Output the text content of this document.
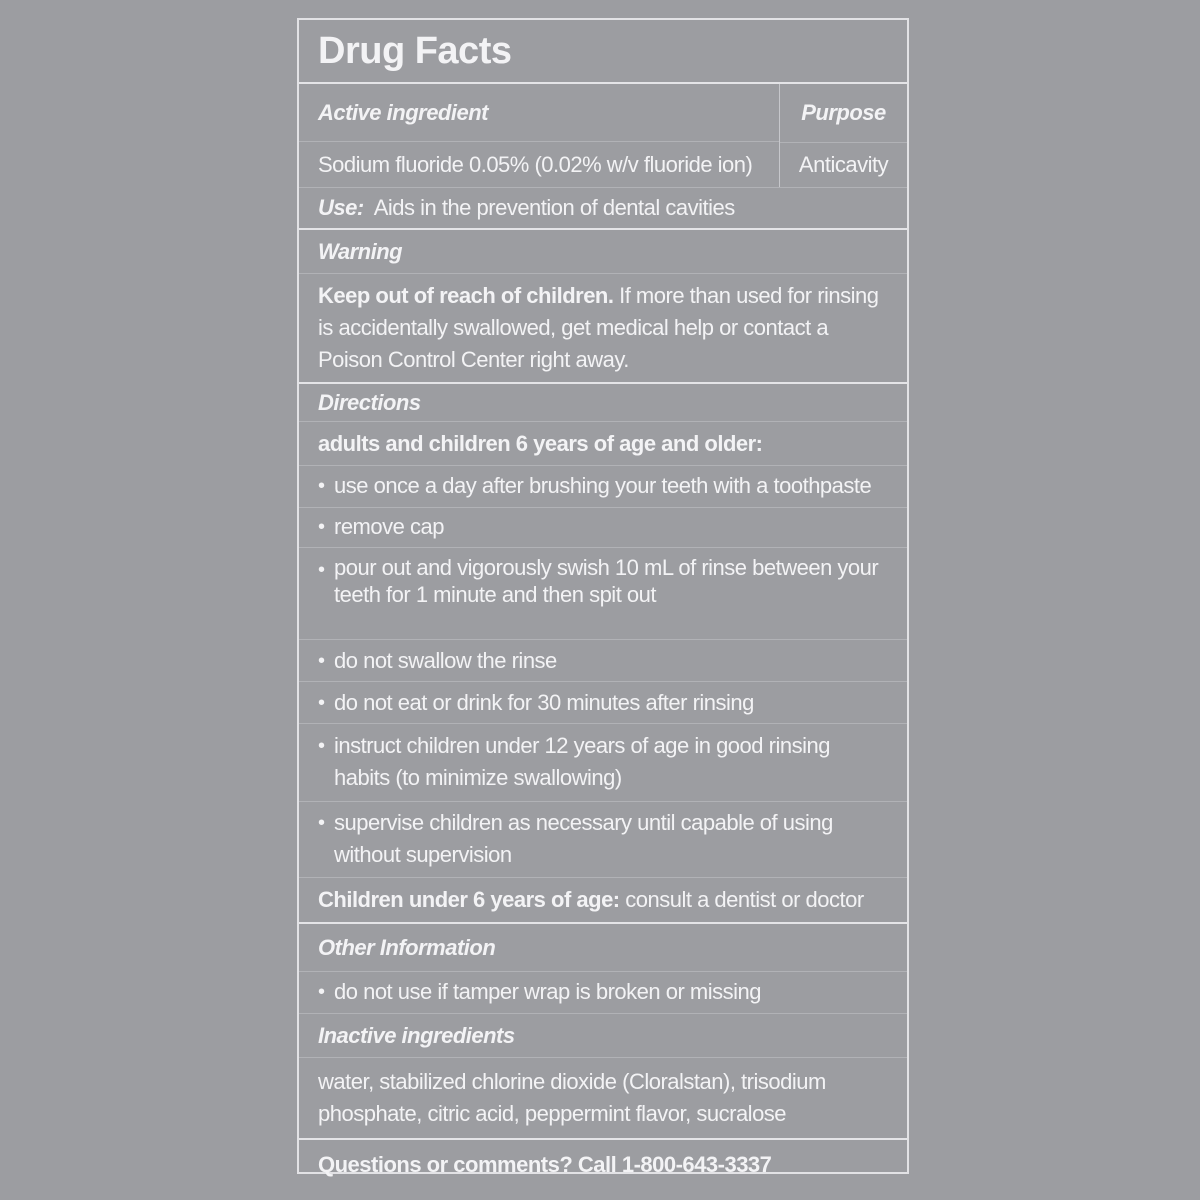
Drug Facts
Active ingredient
Sodium fluoride 0.05% (0.02% w/v fluoride ion)
Purpose
Anticavity
Use: Aids in the prevention of dental cavities
Warning
Keep out of reach of children. If more than used for rinsing is accidentally swallowed, get medical help or contact a Poison Control Center right away.
Directions
adults and children 6 years of age and older:
• use once a day after brushing your teeth with a toothpaste
• remove cap
• pour out and vigorously swish 10 mL of rinse between your teeth for 1 minute and then spit out
• do not swallow the rinse
• do not eat or drink for 30 minutes after rinsing
• instruct children under 12 years of age in good rinsing habits (to minimize swallowing)
• supervise children as necessary until capable of using without supervision
Children under 6 years of age: consult a dentist or doctor
Other Information
• do not use if tamper wrap is broken or missing
Inactive ingredients
water, stabilized chlorine dioxide (Cloralstan), trisodium phosphate, citric acid, peppermint flavor, sucralose
Questions or comments? Call 1-800-643-3337
